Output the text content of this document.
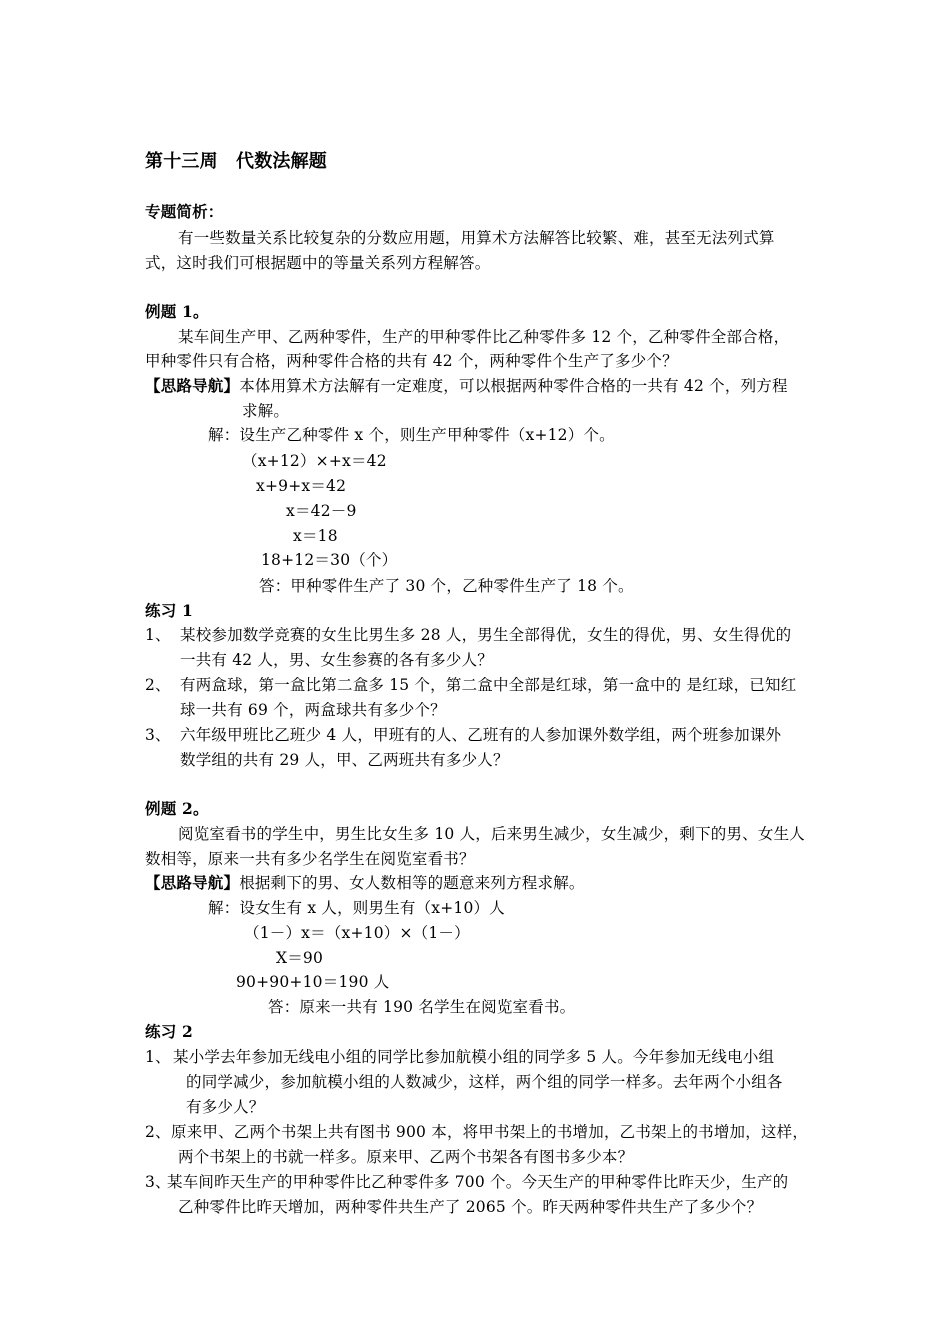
第十三周　代数法解题
专题简析：
有一些数量关系比较复杂的分数应用题，用算术方法解答比较繁、难，甚至无法列式算
式，这时我们可根据题中的等量关系列方程解答。
例题 1。
某车间生产甲、乙两种零件，生产的甲种零件比乙种零件多 12 个，乙种零件全部合格，
甲种零件只有合格，两种零件合格的共有 42 个，两种零件个生产了多少个？
【思路导航】本体用算术方法解有一定难度，可以根据两种零件合格的一共有 42 个，列方程
求解。
解：设生产乙种零件 x 个，则生产甲种零件（x+12）个。
（x+12）×+x＝42
x+9+x＝42
x＝42－9
x＝18
18+12＝30（个）
答：甲种零件生产了 30 个，乙种零件生产了 18 个。
练习 1
1、 某校参加数学竞赛的女生比男生多 28 人，男生全部得优，女生的得优，男、女生得优的
一共有 42 人，男、女生参赛的各有多少人？
2、 有两盒球，第一盒比第二盒多 15 个，第二盒中全部是红球，第一盒中的 是红球，已知红
球一共有 69 个，两盒球共有多少个？
3、 六年级甲班比乙班少 4 人，甲班有的人、乙班有的人参加课外数学组，两个班参加课外
数学组的共有 29 人，甲、乙两班共有多少人？
例题 2。
阅览室看书的学生中，男生比女生多 10 人，后来男生减少，女生减少，剩下的男、女生人
数相等，原来一共有多少名学生在阅览室看书？
【思路导航】根据剩下的男、女人数相等的题意来列方程求解。
解：设女生有 x 人，则男生有（x+10）人
（1－）x＝（x+10）×（1－）
X＝90
90+90+10＝190 人
答：原来一共有 190 名学生在阅览室看书。
练习 2
1、 某小学去年参加无线电小组的同学比参加航模小组的同学多 5 人。今年参加无线电小组
的同学减少，参加航模小组的人数减少，这样，两个组的同学一样多。去年两个小组各
有多少人？
2、 原来甲、乙两个书架上共有图书 900 本，将甲书架上的书增加，乙书架上的书增加，这样，
两个书架上的书就一样多。原来甲、乙两个书架各有图书多少本？
3、
某车间昨天生产的甲种零件比乙种零件多 700 个。今天生产的甲种零件比昨天少，生产的
乙种零件比昨天增加，两种零件共生产了 2065 个。昨天两种零件共生产了多少个？
